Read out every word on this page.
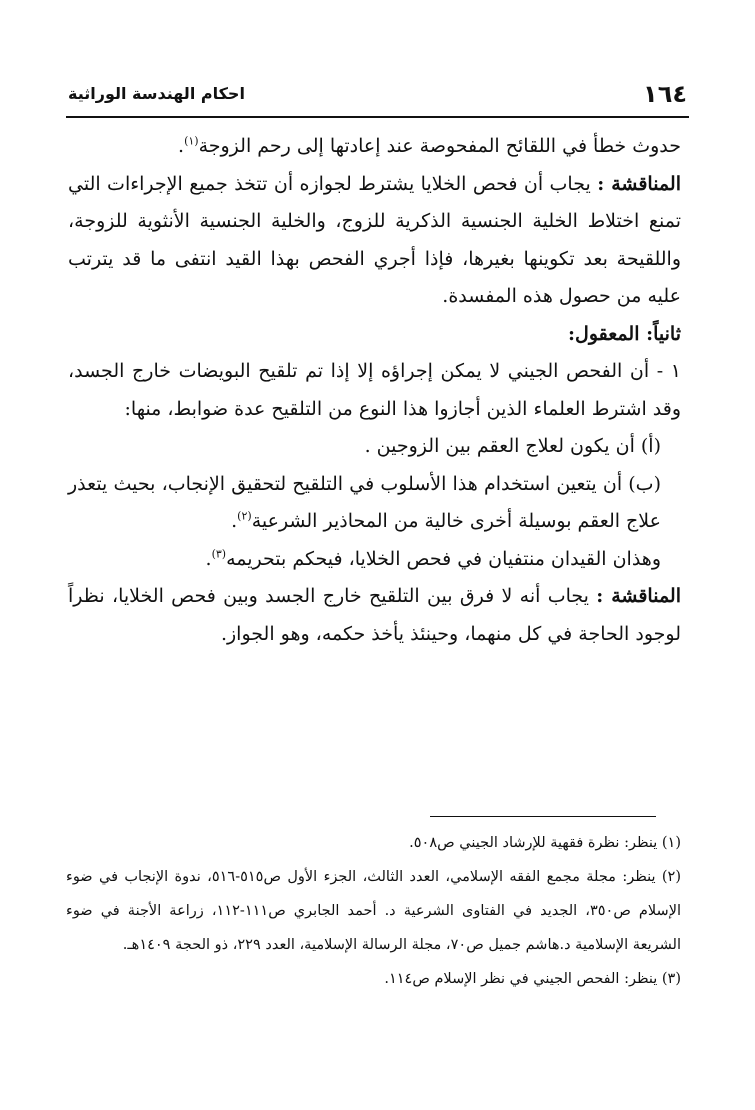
١٦٤
احكام الهندسة الوراثية

حدوث خطأ في اللقائح المفحوصة عند إعادتها إلى رحم الزوجة$^{(١)}$.

المناقشة : يجاب أن فحص الخلايا يشترط لجوازه أن تتخذ جميع الإجراءات التي تمنع اختلاط الخلية الجنسية الذكرية للزوج، والخلية الجنسية الأنثوية للزوجة، واللقيحة بعد تكوينها بغيرها، فإذا أجري الفحص بهذا القيد انتفى ما قد يترتب عليه من حصول هذه المفسدة.

ثانياً: المعقول:

١ - أن الفحص الجيني لا يمكن إجراؤه إلا إذا تم تلقيح البويضات خارج الجسد، وقد اشترط العلماء الذين أجازوا هذا النوع من التلقيح عدة ضوابط، منها:

(أ) أن يكون لعلاج العقم بين الزوجين .

(ب) أن يتعين استخدام هذا الأسلوب في التلقيح لتحقيق الإنجاب، بحيث يتعذر علاج العقم بوسيلة أخرى خالية من المحاذير الشرعية$^{(٢)}$.

وهذان القيدان منتفيان في فحص الخلايا، فيحكم بتحريمه$^{(٣)}$.

المناقشة : يجاب أنه لا فرق بين التلقيح خارج الجسد وبين فحص الخلايا، نظراً لوجود الحاجة في كل منهما، وحينئذ يأخذ حكمه، وهو الجواز.

(١) ينظر: نظرة فقهية للإرشاد الجيني ص٥٠٨.

(٢) ينظر: مجلة مجمع الفقه الإسلامي، العدد الثالث، الجزء الأول ص٥١٥-٥١٦، ندوة الإنجاب في ضوء الإسلام ص٣٥٠، الجديد في الفتاوى الشرعية د. أحمد الجابري ص١١١-١١٢، زراعة الأجنة في ضوء الشريعة الإسلامية د.هاشم جميل ص٧٠، مجلة الرسالة الإسلامية، العدد ٢٢٩، ذو الحجة ١٤٠٩هـ.

(٣) ينظر: الفحص الجيني في نظر الإسلام ص١١٤.
